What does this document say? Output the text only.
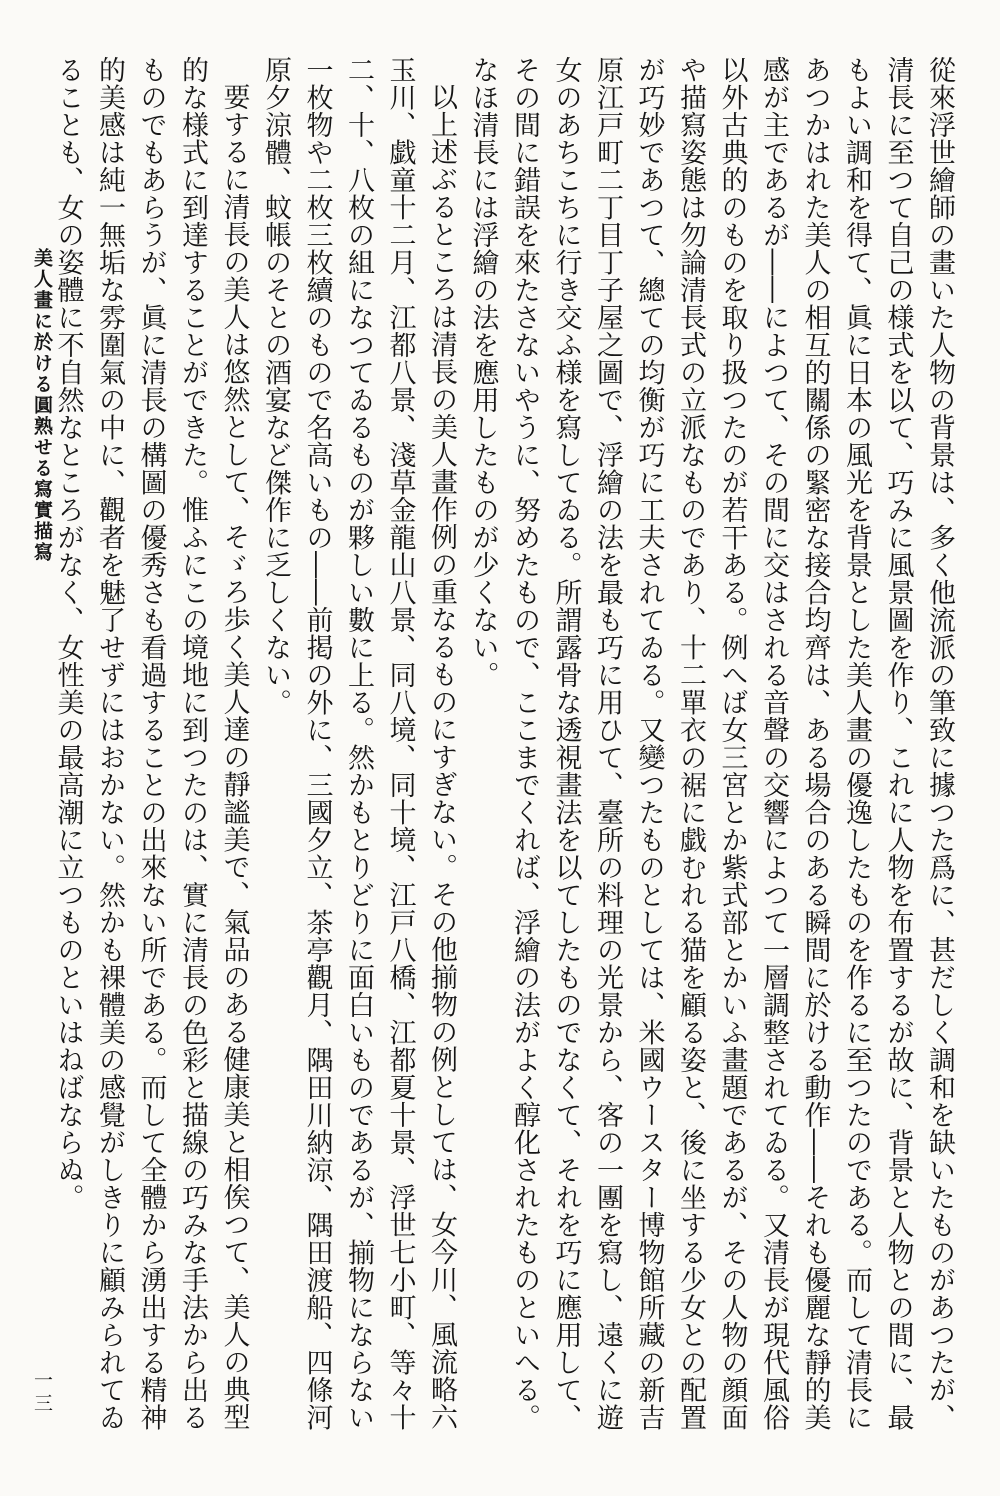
從來浮世繪師の畫いた人物の背景は、多く他流派の筆致に據つた爲に、甚だしく調和を缺いたものがあつたが、清長に至つて自己の様式を以て、巧みに風景圖を作り、これに人物を布置するが故に、背景と人物との間に、最もよい調和を得て、眞に日本の風光を背景とした美人畫の優逸したものを作るに至つたのである。而して清長にあつかはれた美人の相互的關係の緊密な接合均齊は、ある場合のある瞬間に於ける動作――それも優麗な靜的美感が主であるが――によつて、その間に交はされる音聲の交響によつて一層調整されてゐる。又清長が現代風俗以外古典的のものを取り扱つたのが若干ある。例へば女三宮とか紫式部とかいふ畫題であるが、その人物の顔面や描寫姿態は勿論清長式の立派なものであり、十二單衣の裾に戯むれる猫を顧る姿と、後に坐する少女との配置が巧妙であつて、總ての均衡が巧に工夫されてゐる。又變つたものとしては、米國ウースター博物館所藏の新吉原江戸町二丁目丁子屋之圖で、浮繪の法を最も巧に用ひて、臺所の料理の光景から、客の一團を寫し、遠くに遊女のあちこちに行き交ふ様を寫してゐる。所謂露骨な透視畫法を以てしたものでなくて、それを巧に應用して、その間に錯誤を來たさないやうに、努めたもので、ここまでくれば、浮繪の法がよく醇化されたものといへる。なほ清長には浮繪の法を應用したものが少くない。

以上述ぶるところは清長の美人畫作例の重なるものにすぎない。その他揃物の例としては、女今川、風流略六玉川、戯童十二月、江都八景、淺草金龍山八景、同八境、同十境、江戸八橋、江都夏十景、浮世七小町、等々十二、十、八枚の組になつてゐるものが夥しい數に上る。然かもとりどりに面白いものであるが、揃物にならない一枚物や二枚三枚續のもので名高いもの――前掲の外に、三國夕立、茶亭觀月、隅田川納涼、隅田渡船、四條河原夕涼體、蚊帳のそとの酒宴など傑作に乏しくない。

要するに清長の美人は悠然として、そゞろ歩く美人達の靜謐美で、氣品のある健康美と相俟つて、美人の典型的な様式に到達することができた。惟ふにこの境地に到つたのは、實に清長の色彩と描線の巧みな手法から出るものでもあらうが、眞に清長の構圖の優秀さも看過することの出來ない所である。而して全體から湧出する精神的美感は純一無垢な雰圍氣の中に、觀者を魅了せずにはおかない。然かも裸體美の感覺がしきりに顧みられてゐることも、女の姿體に不自然なところがなく、女性美の最高潮に立つものといはねばならぬ。

美人畫に於ける圓熟せる寫實描寫
一三
